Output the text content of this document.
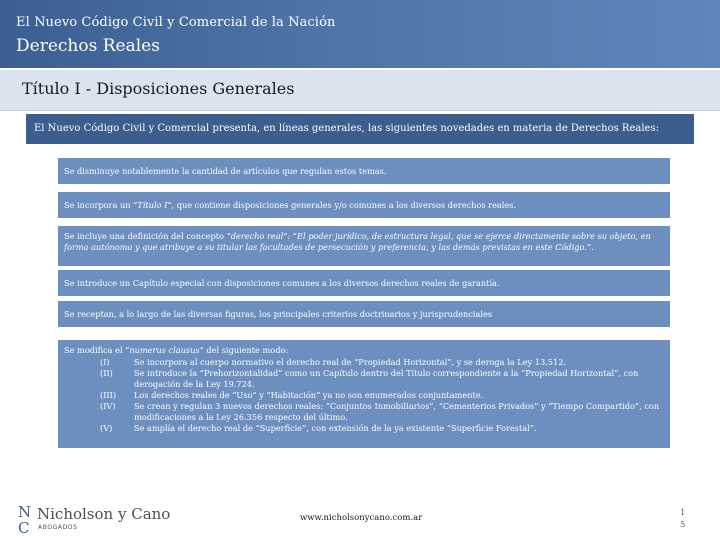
El Nuevo Código Civil y Comercial de la Nación
Derechos Reales
Título I - Disposiciones Generales
El Nuevo Código Civil y Comercial presenta, en líneas generales, las siguientes novedades en materia de Derechos Reales:
Se disminuye notablemente la cantidad de artículos que regulan estos temas.
Se incorpora un “Título I”, que contiene disposiciones generales y/o comunes a los diversos derechos reales.
Se incluye una definición del concepto “derecho real”: “El poder jurídico, de estructura legal, que se ejerce directamente sobre su objeto, en forma autónoma y que atribuye a su titular las facultades de persecución y preferencia, y las demás previstas en este Código.”.
Se introduce un Capítulo especial con disposiciones comunes a los diversos derechos reales de garantía.
Se receptan, a lo largo de las diversas figuras, los principales criterios doctrinarios y jurisprudenciales
Se modifica el “numerus clausus” del siguiente modo:
(I)	Se incorpora al cuerpo normativo el derecho real de “Propiedad Horizontal”, y se deroga la Ley 13.512.
(II)	Se introduce la “Prehorizontalidad” como un Capítulo dentro del Título correspondiente a la “Propiedad Horizontal”, con derogación de la Ley 19.724.
(III)	Los derechos reales de “Uso” y “Habitación” ya no son enumerados conjuntamente.
(IV)	Se crean y regulan 3 nuevos derechos reales: “Conjuntos Inmobiliarios”, “Cementerios Privados” y “Tiempo Compartido”, con modificaciones a la Ley 26.356 respecto del último.
(V)	Se amplía el derecho real de “Superficie”, con extensión de la ya existente “Superficie Forestal”.
N
C
Nicholson y Cano
ABOGADOS
www.nicholsonycano.com.ar	1
5
